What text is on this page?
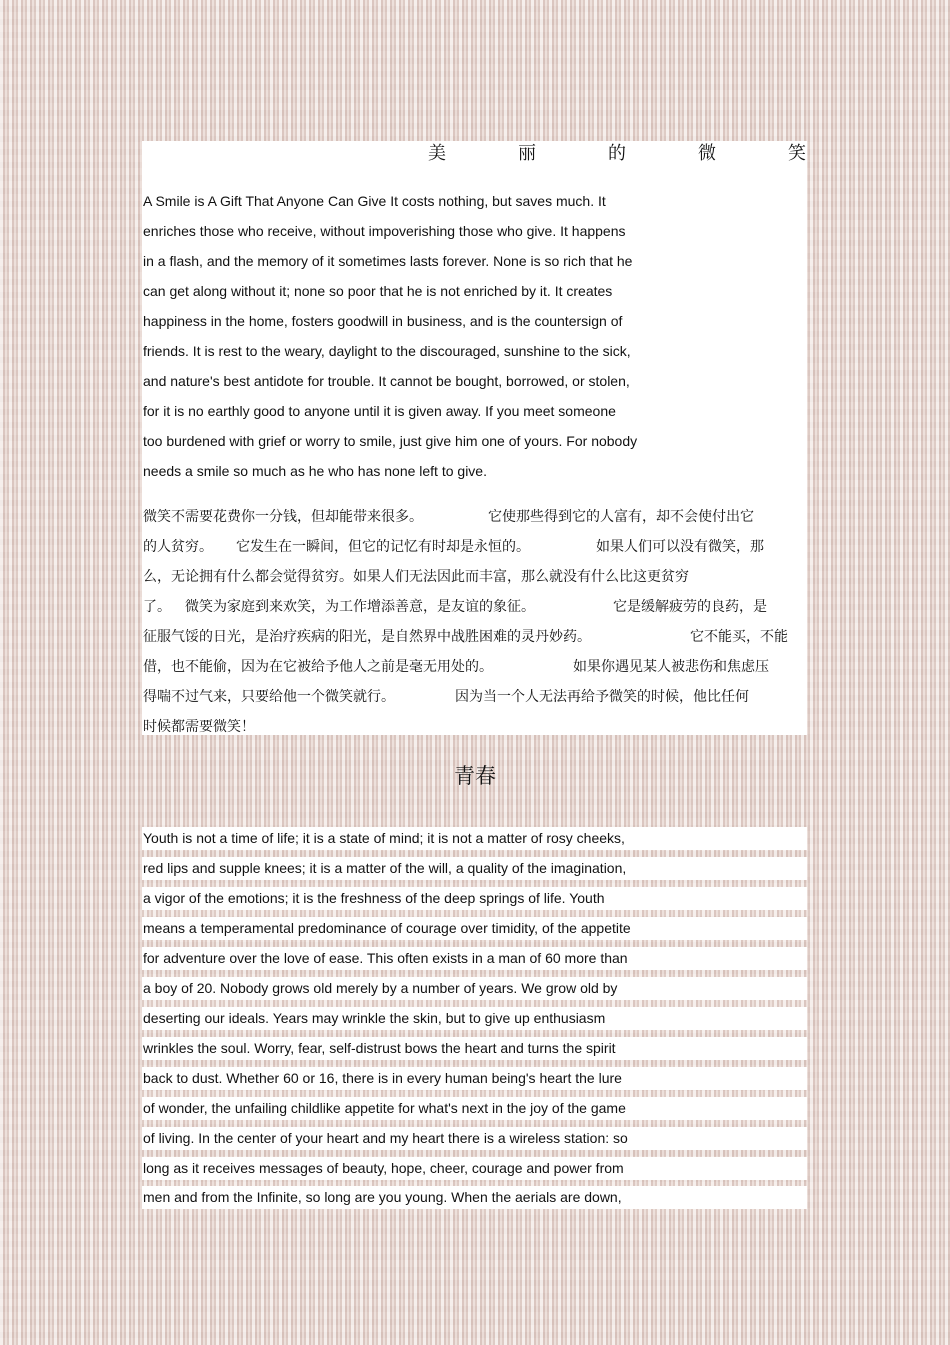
美	丽	的	微	笑
A Smile is A Gift That Anyone Can Give It costs nothing, but saves much. It
enriches those who receive, without impoverishing those who give. It happens
in a flash, and the memory of it sometimes lasts forever. None is so rich that he
can get along without it; none so poor that he is not enriched by it. It creates
happiness in the home, fosters goodwill in business, and is the countersign of
friends. It is rest to the weary, daylight to the discouraged, sunshine to the sick,
and nature's best antidote for trouble. It cannot be bought, borrowed, or stolen,
for it is no earthly good to anyone until it is given away. If you meet someone
too burdened with grief or worry to smile, just give him one of yours. For nobody
needs a smile so much as he who has none left to give.
微笑不需要花费你一分钱，但却能带来很多。	它使那些得到它的人富有，却不会使付出它
的人贫穷。 它发生在一瞬间，但它的记忆有时却是永恒的。	如果人们可以没有微笑，那
么，无论拥有什么都会觉得贫穷。如果人们无法因此而丰富，那么就没有什么比这更贫穷
了。 微笑为家庭到来欢笑，为工作增添善意，是友谊的象征。	它是缓解疲劳的良药，是
征服气馁的日光，是治疗疾病的阳光，是自然界中战胜困难的灵丹妙药。	它不能买，不能
借，也不能偷，因为在它被给予他人之前是毫无用处的。	如果你遇见某人被悲伤和焦虑压
得喘不过气来，只要给他一个微笑就行。	因为当一个人无法再给予微笑的时候，他比任何
时候都需要微笑！
青春
Youth is not a time of life; it is a state of mind; it is not a matter of rosy cheeks,
red lips and supple knees; it is a matter of the will, a quality of the imagination,
a vigor of the emotions; it is the freshness of the deep springs of life. Youth
means a temperamental predominance of courage over timidity, of the appetite
for adventure over the love of ease. This often exists in a man of 60 more than
a boy of 20. Nobody grows old merely by a number of years. We grow old by
deserting our ideals. Years may wrinkle the skin, but to give up enthusiasm
wrinkles the soul. Worry, fear, self-distrust bows the heart and turns the spirit
back to dust. Whether 60 or 16, there is in every human being's heart the lure
of wonder, the unfailing childlike appetite for what's next in the joy of the game
of living. In the center of your heart and my heart there is a wireless station: so
long as it receives messages of beauty, hope, cheer, courage and power from
men and from the Infinite, so long are you young. When the aerials are down,
